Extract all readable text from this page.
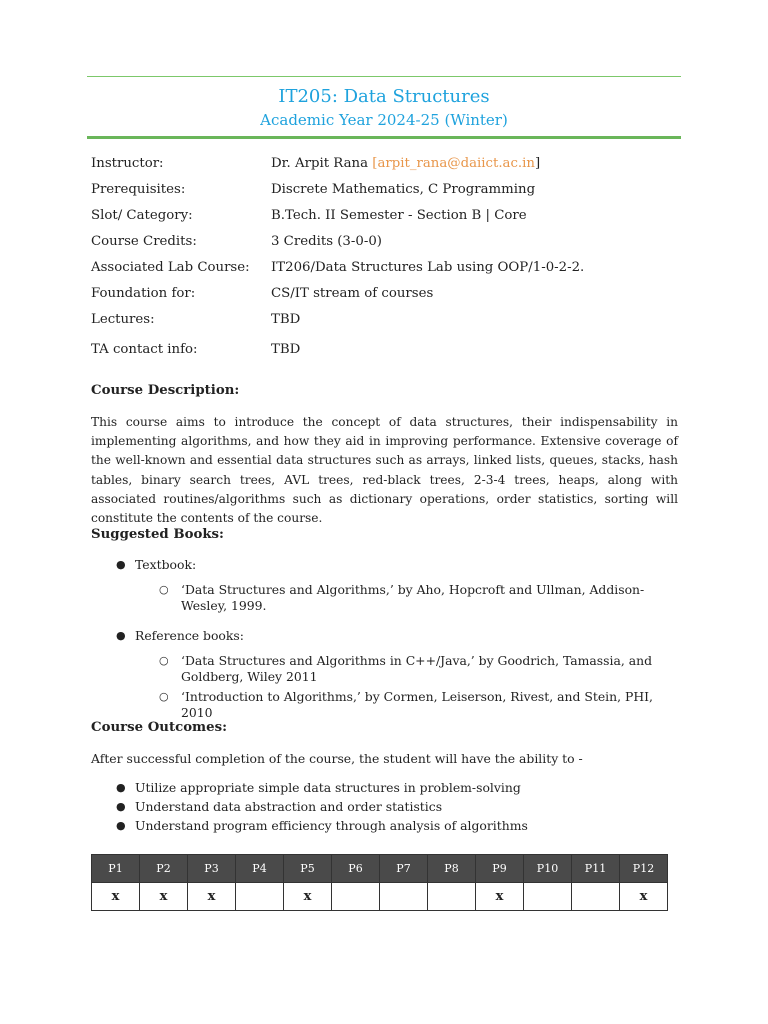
IT205: Data Structures
Academic Year 2024-25 (Winter)
Instructor:	Dr. Arpit Rana [arpit_rana@daiict.ac.in]
Prerequisites:	Discrete Mathematics, C Programming
Slot/ Category:	B.Tech. II Semester - Section B | Core
Course Credits:	3 Credits (3-0-0)
Associated Lab Course: IT206/Data Structures Lab using OOP/1-0-2-2.
Foundation for:	CS/IT stream of courses
Lectures:	TBD
TA contact info:	TBD
Course Description:
This course aims to introduce the concept of data structures, their indispensability in implementing algorithms, and how they aid in improving performance. Extensive coverage of the well-known and essential data structures such as arrays, linked lists, queues, stacks, hash tables, binary search trees, AVL trees, red-black trees, 2-3-4 trees, heaps, along with associated routines/algorithms such as dictionary operations, order statistics, sorting will constitute the contents of the course.
Suggested Books:
● Textbook:
○ ‘Data Structures and Algorithms,’ by Aho, Hopcroft and Ullman, Addison-Wesley, 1999.
● Reference books:
○ ‘Data Structures and Algorithms in C++/Java,’ by Goodrich, Tamassia, and Goldberg, Wiley 2011
○ ‘Introduction to Algorithms,’ by Cormen, Leiserson, Rivest, and Stein, PHI, 2010
Course Outcomes:
After successful completion of the course, the student will have the ability to -
● Utilize appropriate simple data structures in problem-solving
● Understand data abstraction and order statistics
● Understand program efficiency through analysis of algorithms
P1	P2	P3	P4	P5	P6	P7	P8	P9	P10	P11	P12
x	x	x		x				x			x
